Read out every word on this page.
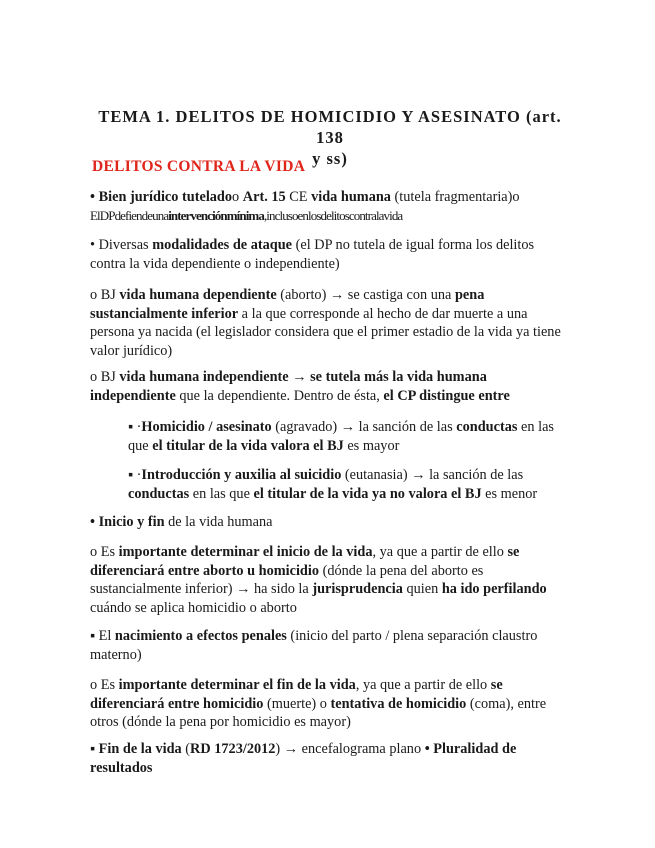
TEMA 1. DELITOS DE HOMICIDIO Y ASESINATO (art. 138
y ss)
DELITOS CONTRA LA VIDA
• Bien jurídico tuteladoo Art. 15 CE vida humana (tutela fragmentaria)o
ElDPdefiendeunaintervenciónmínima,inclusoenlosdelitoscontralavida
• Diversas modalidades de ataque (el DP no tutela de igual forma los delitos contra la vida dependiente o independiente)
o BJ vida humana dependiente (aborto) → se castiga con una pena sustancialmente inferior a la que corresponde al hecho de dar muerte a una persona ya nacida (el legislador considera que el primer estadio de la vida ya tiene valor jurídico)
o BJ vida humana independiente → se tutela más la vida humana independiente que la dependiente. Dentro de ésta, el CP distingue entre
▪ ·Homicidio / asesinato (agravado) → la sanción de las conductas en las que el titular de la vida valora el BJ es mayor
▪ ·Introducción y auxilia al suicidio (eutanasia) → la sanción de las conductas en las que el titular de la vida ya no valora el BJ es menor
• Inicio y fin de la vida humana
o Es importante determinar el inicio de la vida, ya que a partir de ello se diferenciará entre aborto u homicidio (dónde la pena del aborto es sustancialmente inferior) → ha sido la jurisprudencia quien ha ido perfilando cuándo se aplica homicidio o aborto
▪ El nacimiento a efectos penales (inicio del parto / plena separación claustro materno)
o Es importante determinar el fin de la vida, ya que a partir de ello se diferenciará entre homicidio (muerte) o tentativa de homicidio (coma), entre otros (dónde la pena por homicidio es mayor)
▪ Fin de la vida (RD 1723/2012) → encefalograma plano • Pluralidad de resultados
